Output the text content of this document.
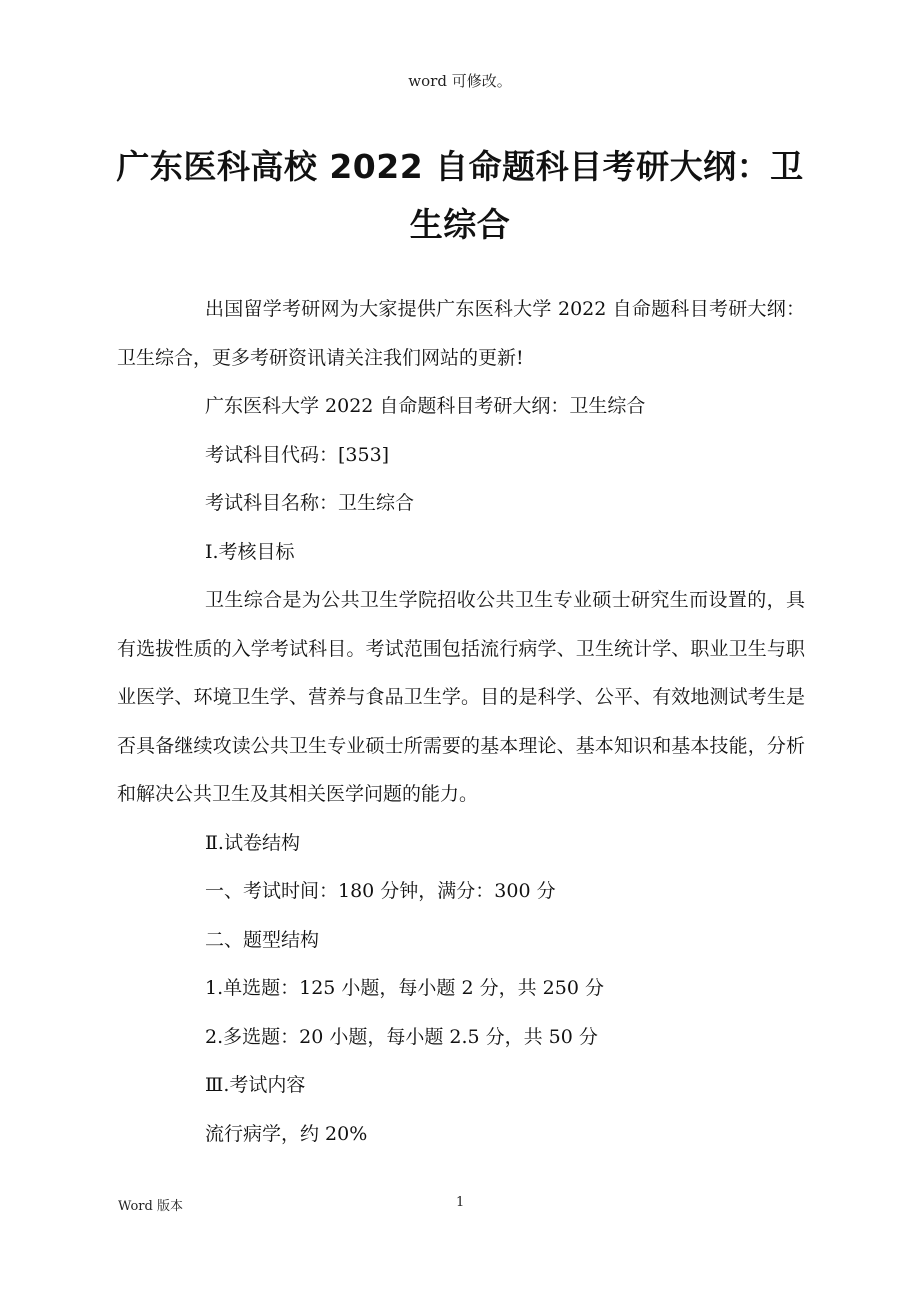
word 可修改。
广东医科高校 2022 自命题科目考研大纲：卫生综合

出国留学考研网为大家提供广东医科大学 2022 自命题科目考研大纲：卫生综合，更多考研资讯请关注我们网站的更新!

广东医科大学 2022 自命题科目考研大纲：卫生综合

考试科目代码：[353]

考试科目名称：卫生综合

Ⅰ.考核目标

卫生综合是为公共卫生学院招收公共卫生专业硕士研究生而设置的，具有选拔性质的入学考试科目。考试范围包括流行病学、卫生统计学、职业卫生与职业医学、环境卫生学、营养与食品卫生学。目的是科学、公平、有效地测试考生是否具备继续攻读公共卫生专业硕士所需要的基本理论、基本知识和基本技能，分析和解决公共卫生及其相关医学问题的能力。

Ⅱ.试卷结构

一、考试时间：180 分钟，满分：300 分

二、题型结构

1.单选题：125 小题，每小题 2 分，共 250 分

2.多选题：20 小题，每小题 2.5 分，共 50 分

Ⅲ.考试内容

流行病学，约 20%

Word 版本	1
